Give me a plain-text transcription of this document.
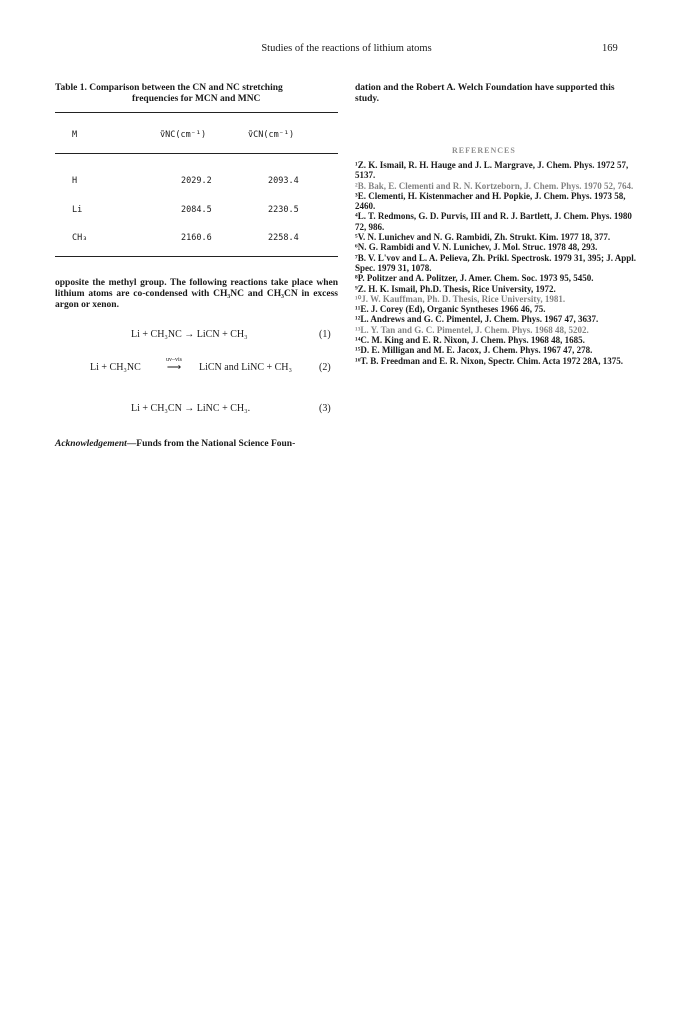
Studies of the reactions of lithium atoms	169
Table 1. Comparison between the CN and NC stretching
frequencies for MCN and MNC
M	ṽNC(cm⁻¹)	ṽCN(cm⁻¹)
H	2029.2	2093.4
Li	2084.5	2230.5
CH₃	2160.6	2258.4
opposite the methyl group. The following reactions take place when lithium atoms are co-condensed with CH₃NC and CH₃CN in excess argon or xenon.
Li + CH₃NC → LiCN + CH₃	(1)
Li + CH₃NC
uv–vis
⟶	LiCN and LiNC + CH₃	(2)
Li + CH₃CN → LiNC + CH₃.	(3)
Acknowledgement—Funds from the National Science Foun-
dation and the Robert A. Welch Foundation have supported this study.
REFERENCES
¹Z. K. Ismail, R. H. Hauge and J. L. Margrave, J. Chem. Phys. 1972 57, 5137.
²B. Bak, E. Clementi and R. N. Kortzeborn, J. Chem. Phys. 1970 52, 764.
³E. Clementi, H. Kistenmacher and H. Popkie, J. Chem. Phys. 1973 58, 2460.
⁴L. T. Redmons, G. D. Purvis, III and R. J. Bartlett, J. Chem. Phys. 1980 72, 986.
⁵V. N. Lunichev and N. G. Rambidi, Zh. Strukt. Kim. 1977 18, 377.
⁶N. G. Rambidi and V. N. Lunichev, J. Mol. Struc. 1978 48, 293.
⁷B. V. L'vov and L. A. Pelieva, Zh. Prikl. Spectrosk. 1979 31, 395; J. Appl. Spec. 1979 31, 1078.
⁸P. Politzer and A. Politzer, J. Amer. Chem. Soc. 1973 95, 5450.
⁹Z. H. K. Ismail, Ph.D. Thesis, Rice University, 1972.
¹⁰J. W. Kauffman, Ph. D. Thesis, Rice University, 1981.
¹¹E. J. Corey (Ed), Organic Syntheses 1966 46, 75.
¹²L. Andrews and G. C. Pimentel, J. Chem. Phys. 1967 47, 3637.
¹³L. Y. Tan and G. C. Pimentel, J. Chem. Phys. 1968 48, 5202.
¹⁴C. M. King and E. R. Nixon, J. Chem. Phys. 1968 48, 1685.
¹⁵D. E. Milligan and M. E. Jacox, J. Chem. Phys. 1967 47, 278.
¹⁶T. B. Freedman and E. R. Nixon, Spectr. Chim. Acta 1972 28A, 1375.
